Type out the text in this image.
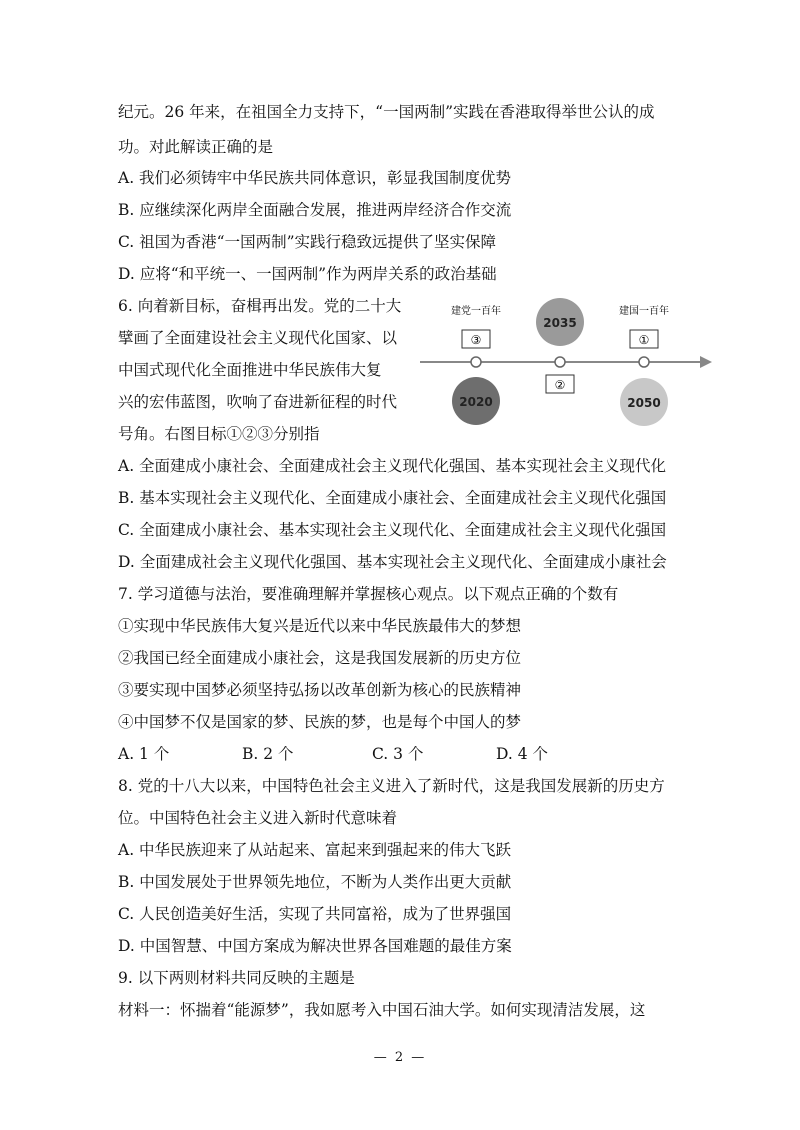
纪元。26 年来，在祖国全力支持下，“一国两制”实践在香港取得举世公认的成
功。对此解读正确的是
A. 我们必须铸牢中华民族共同体意识，彰显我国制度优势
B. 应继续深化两岸全面融合发展，推进两岸经济合作交流
C. 祖国为香港“一国两制”实践行稳致远提供了坚实保障
D. 应将“和平统一、一国两制”作为两岸关系的政治基础
6. 向着新目标，奋楫再出发。党的二十大
擘画了全面建设社会主义现代化国家、以
中国式现代化全面推进中华民族伟大复
兴的宏伟蓝图，吹响了奋进新征程的时代
号角。右图目标①②③分别指
A. 全面建成小康社会、全面建成社会主义现代化强国、基本实现社会主义现代化
B. 基本实现社会主义现代化、全面建成小康社会、全面建成社会主义现代化强国
C. 全面建成小康社会、基本实现社会主义现代化、全面建成社会主义现代化强国
D. 全面建成社会主义现代化强国、基本实现社会主义现代化、全面建成小康社会
7. 学习道德与法治，要准确理解并掌握核心观点。以下观点正确的个数有
①实现中华民族伟大复兴是近代以来中华民族最伟大的梦想
②我国已经全面建成小康社会，这是我国发展新的历史方位
③要实现中国梦必须坚持弘扬以改革创新为核心的民族精神
④中国梦不仅是国家的梦、民族的梦，也是每个中国人的梦
A. 1 个	B. 2 个	C. 3 个	D. 4 个
8. 党的十八大以来，中国特色社会主义进入了新时代，这是我国发展新的历史方
位。中国特色社会主义进入新时代意味着
A. 中华民族迎来了从站起来、富起来到强起来的伟大飞跃
B. 中国发展处于世界领先地位，不断为人类作出更大贡献
C. 人民创造美好生活，实现了共同富裕，成为了世界强国
D. 中国智慧、中国方案成为解决世界各国难题的最佳方案
9. 以下两则材料共同反映的主题是
材料一：怀揣着“能源梦”，我如愿考入中国石油大学。如何实现清洁发展，这
建党一百年	建国一百年
③	①
②
2035
2020	2050
— 2 —
